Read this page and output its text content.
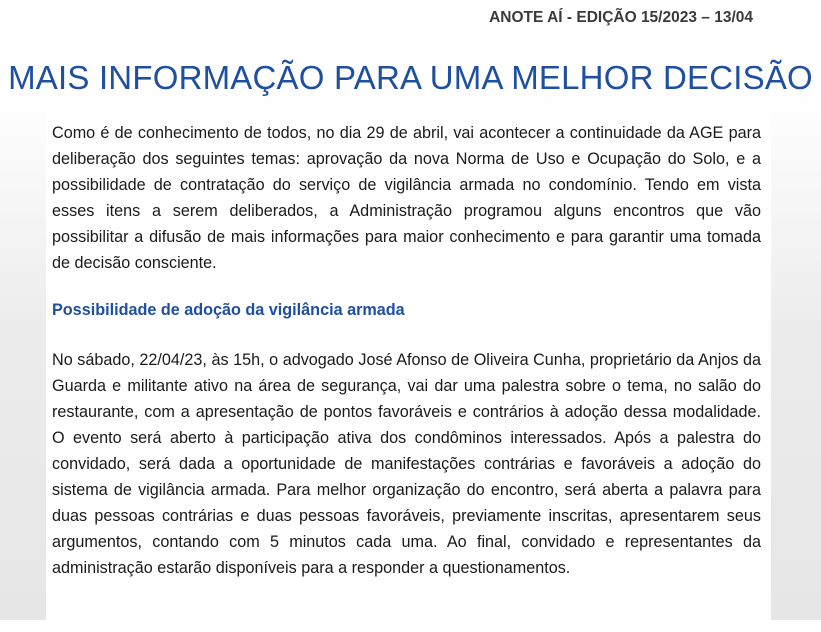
ANOTE AÍ - EDIÇÃO 15/2023 – 13/04
MAIS INFORMAÇÃO PARA UMA MELHOR DECISÃO

Como é de conhecimento de todos, no dia 29 de abril, vai acontecer a continuidade da AGE para deliberação dos seguintes temas: aprovação da nova Norma de Uso e Ocupação do Solo, e a possibilidade de contratação do serviço de vigilância armada no condomínio. Tendo em vista esses itens a serem deliberados, a Administração programou alguns encontros que vão possibilitar a difusão de mais informações para maior conhecimento e para garantir uma tomada de decisão consciente.

Possibilidade de adoção da vigilância armada

No sábado, 22/04/23, às 15h, o advogado José Afonso de Oliveira Cunha, proprietário da Anjos da Guarda e militante ativo na área de segurança, vai dar uma palestra sobre o tema, no salão do restaurante, com a apresentação de pontos favoráveis e contrários à adoção dessa modalidade. O evento será aberto à participação ativa dos condôminos interessados. Após a palestra do convidado, será dada a oportunidade de manifestações contrárias e favoráveis a adoção do sistema de vigilância armada. Para melhor organização do encontro, será aberta a palavra para duas pessoas contrárias e duas pessoas favoráveis, previamente inscritas, apresentarem seus argumentos, contando com 5 minutos cada uma. Ao final, convidado e representantes da administração estarão disponíveis para a responder a questionamentos.
